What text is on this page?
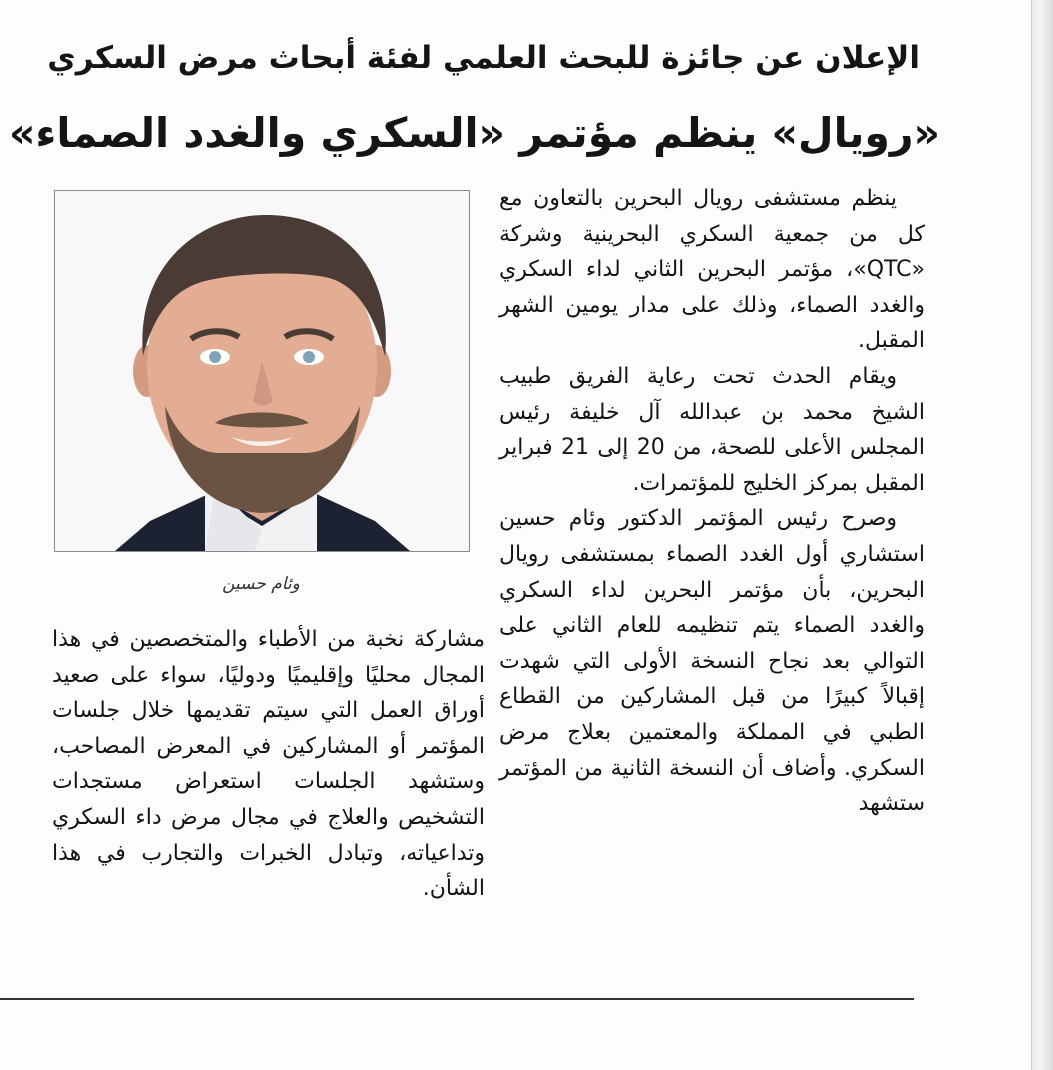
الإعلان عن جائزة للبحث العلمي لفئة أبحاث مرض السكري
«رويال» ينظم مؤتمر «السكري والغدد الصماء»

ينظم مستشفى رويال البحرين بالتعاون مع كل من جمعية السكري البحرينية وشركة «QTC»، مؤتمر البحرين الثاني لداء السكري والغدد الصماء، وذلك على مدار يومين الشهر المقبل.

ويقام الحدث تحت رعاية الفريق طبيب الشيخ محمد بن عبدالله آل خليفة رئيس المجلس الأعلى للصحة، من 20 إلى 21 فبراير المقبل بمركز الخليج للمؤتمرات.

وصرح رئيس المؤتمر الدكتور وئام حسين استشاري أول الغدد الصماء بمستشفى رويال البحرين، بأن مؤتمر البحرين لداء السكري والغدد الصماء يتم تنظيمه للعام الثاني على التوالي بعد نجاح النسخة الأولى التي شهدت إقبالاً كبيرًا من قبل المشاركين من القطاع الطبي في المملكة والمعتمين بعلاج مرض السكري. وأضاف أن النسخة الثانية من المؤتمر ستشهد

وئام حسين

مشاركة نخبة من الأطباء والمتخصصين في هذا المجال محليًا وإقليميًا ودوليًا، سواء على صعيد أوراق العمل التي سيتم تقديمها خلال جلسات المؤتمر أو المشاركين في المعرض المصاحب، وستشهد الجلسات استعراض مستجدات التشخيص والعلاج في مجال مرض داء السكري وتداعياته، وتبادل الخبرات والتجارب في هذا الشأن.
